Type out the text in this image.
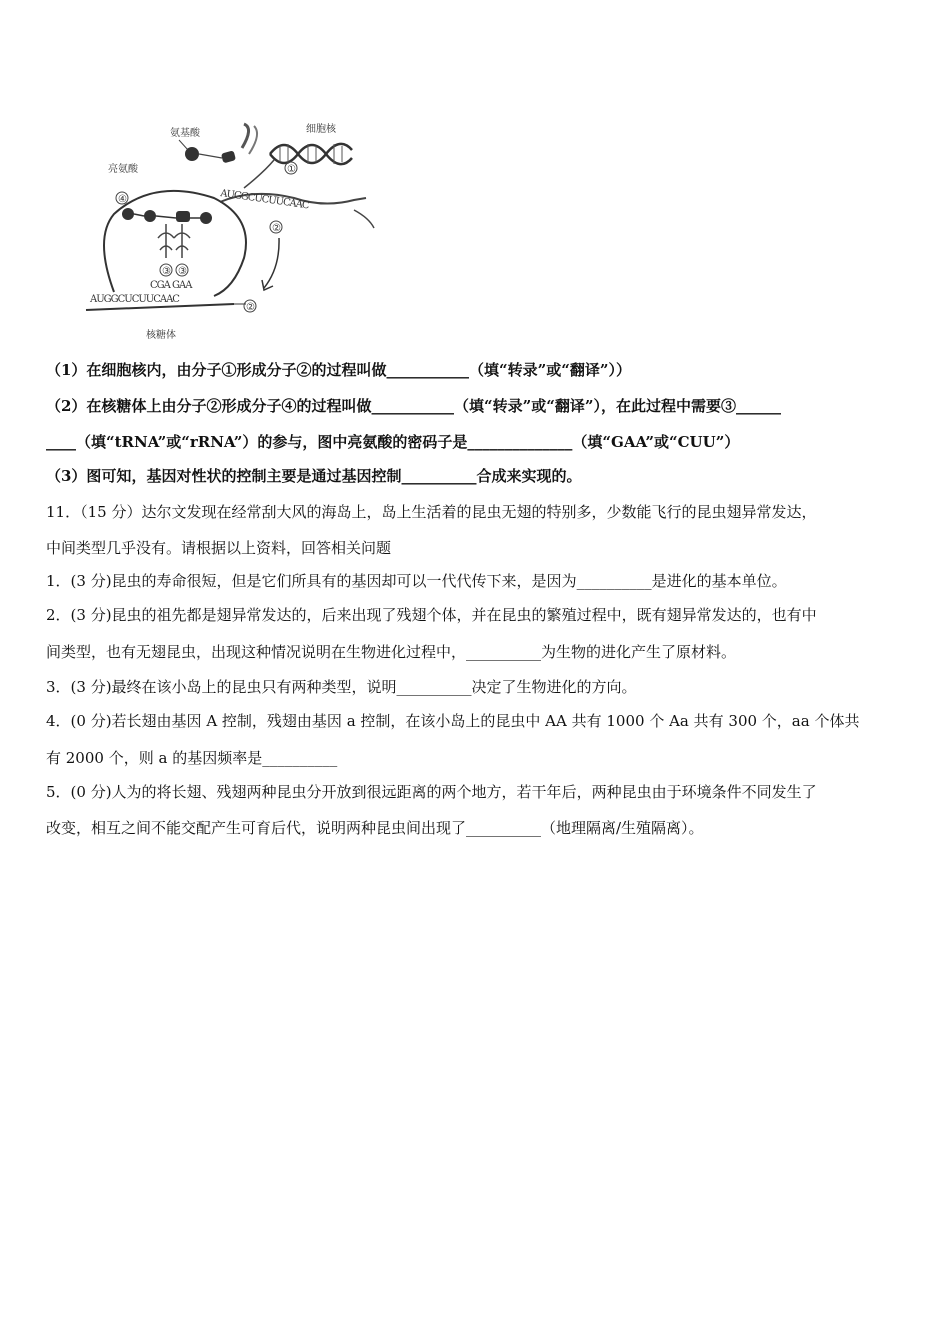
氨基酸	细胞核
①
AUGGCUCUUCAAC
②
亮氨酸
④
③ ③
CGA GAA
AUGGCUCUUCAAC
②
核糖体
（1）在细胞核内，由分子①形成分子②的过程叫做___________（填“转录”或“翻译”））
（2）在核糖体上由分子②形成分子④的过程叫做___________（填“转录”或“翻译”），在此过程中需要③______
____（填“tRNA”或“rRNA”）的参与，图中亮氨酸的密码子是______________（填“GAA”或“CUU”）
（3）图可知，基因对性状的控制主要是通过基因控制__________合成来实现的。
11．（15 分）达尔文发现在经常刮大风的海岛上，岛上生活着的昆虫无翅的特别多，少数能飞行的昆虫翅异常发达，
中间类型几乎没有。请根据以上资料，回答相关问题
1．(3 分)昆虫的寿命很短，但是它们所具有的基因却可以一代代传下来，是因为__________是进化的基本单位。
2．(3 分)昆虫的祖先都是翅异常发达的，后来出现了残翅个体，并在昆虫的繁殖过程中，既有翅异常发达的，也有中
间类型，也有无翅昆虫，出现这种情况说明在生物进化过程中，__________为生物的进化产生了原材料。
3．(3 分)最终在该小岛上的昆虫只有两种类型，说明__________决定了生物进化的方向。
4．(0 分)若长翅由基因 A 控制，残翅由基因 a 控制，在该小岛上的昆虫中 AA 共有 1000 个 Aa 共有 300 个，aa 个体共
有 2000 个，则 a 的基因频率是__________
5．(0 分)人为的将长翅、残翅两种昆虫分开放到很远距离的两个地方，若干年后，两种昆虫由于环境条件不同发生了
改变，相互之间不能交配产生可育后代，说明两种昆虫间出现了__________（地理隔离/生殖隔离）。
